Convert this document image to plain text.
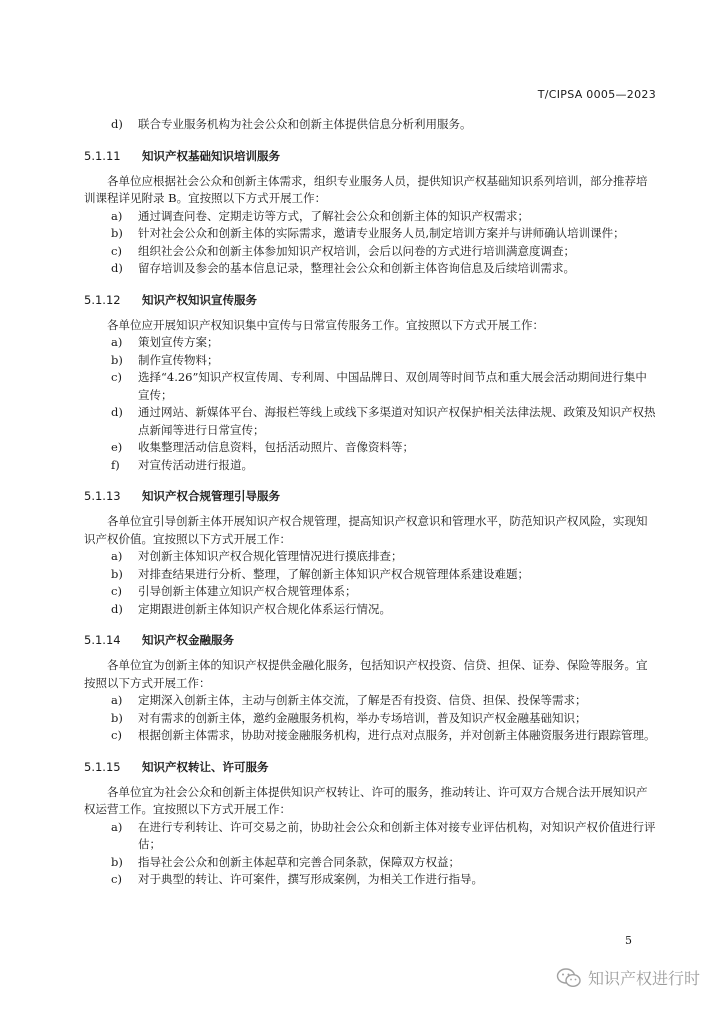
T/CIPSA 0005—2023
d)	联合专业服务机构为社会公众和创新主体提供信息分析利用服务。
5.1.11	知识产权基础知识培训服务
各单位应根据社会公众和创新主体需求，组织专业服务人员，提供知识产权基础知识系列培训，部分推荐培训课程详见附录 B。宜按照以下方式开展工作：
a)	通过调查问卷、定期走访等方式，了解社会公众和创新主体的知识产权需求；
b)	针对社会公众和创新主体的实际需求，邀请专业服务人员,制定培训方案并与讲师确认培训课件；
c)	组织社会公众和创新主体参加知识产权培训，会后以问卷的方式进行培训满意度调查；
d)	留存培训及参会的基本信息记录，整理社会公众和创新主体咨询信息及后续培训需求。
5.1.12	知识产权知识宣传服务
各单位应开展知识产权知识集中宣传与日常宣传服务工作。宜按照以下方式开展工作：
a)	策划宣传方案；
b)	制作宣传物料；
c)	选择“4.26”知识产权宣传周、专利周、中国品牌日、双创周等时间节点和重大展会活动期间进行集中宣传；
d)	通过网站、新媒体平台、海报栏等线上或线下多渠道对知识产权保护相关法律法规、政策及知识产权热点新闻等进行日常宣传；
e)	收集整理活动信息资料，包括活动照片、音像资料等；
f)	对宣传活动进行报道。
5.1.13	知识产权合规管理引导服务
各单位宜引导创新主体开展知识产权合规管理，提高知识产权意识和管理水平，防范知识产权风险，实现知识产权价值。宜按照以下方式开展工作：
a)	对创新主体知识产权合规化管理情况进行摸底排查；
b)	对排查结果进行分析、整理，了解创新主体知识产权合规管理体系建设难题；
c)	引导创新主体建立知识产权合规管理体系；
d)	定期跟进创新主体知识产权合规化体系运行情况。
5.1.14	知识产权金融服务
各单位宜为创新主体的知识产权提供金融化服务，包括知识产权投资、信贷、担保、证券、保险等服务。宜按照以下方式开展工作：
a)	定期深入创新主体，主动与创新主体交流，了解是否有投资、信贷、担保、投保等需求；
b)	对有需求的创新主体，邀约金融服务机构，举办专场培训，普及知识产权金融基础知识；
c)	根据创新主体需求，协助对接金融服务机构，进行点对点服务，并对创新主体融资服务进行跟踪管理。
5.1.15	知识产权转让、许可服务
各单位宜为社会公众和创新主体提供知识产权转让、许可的服务，推动转让、许可双方合规合法开展知识产权运营工作。宜按照以下方式开展工作：
a)	在进行专利转让、许可交易之前，协助社会公众和创新主体对接专业评估机构，对知识产权价值进行评估；
b)	指导社会公众和创新主体起草和完善合同条款，保障双方权益；
c)	对于典型的转让、许可案件，撰写形成案例，为相关工作进行指导。
5
知识产权进行时
